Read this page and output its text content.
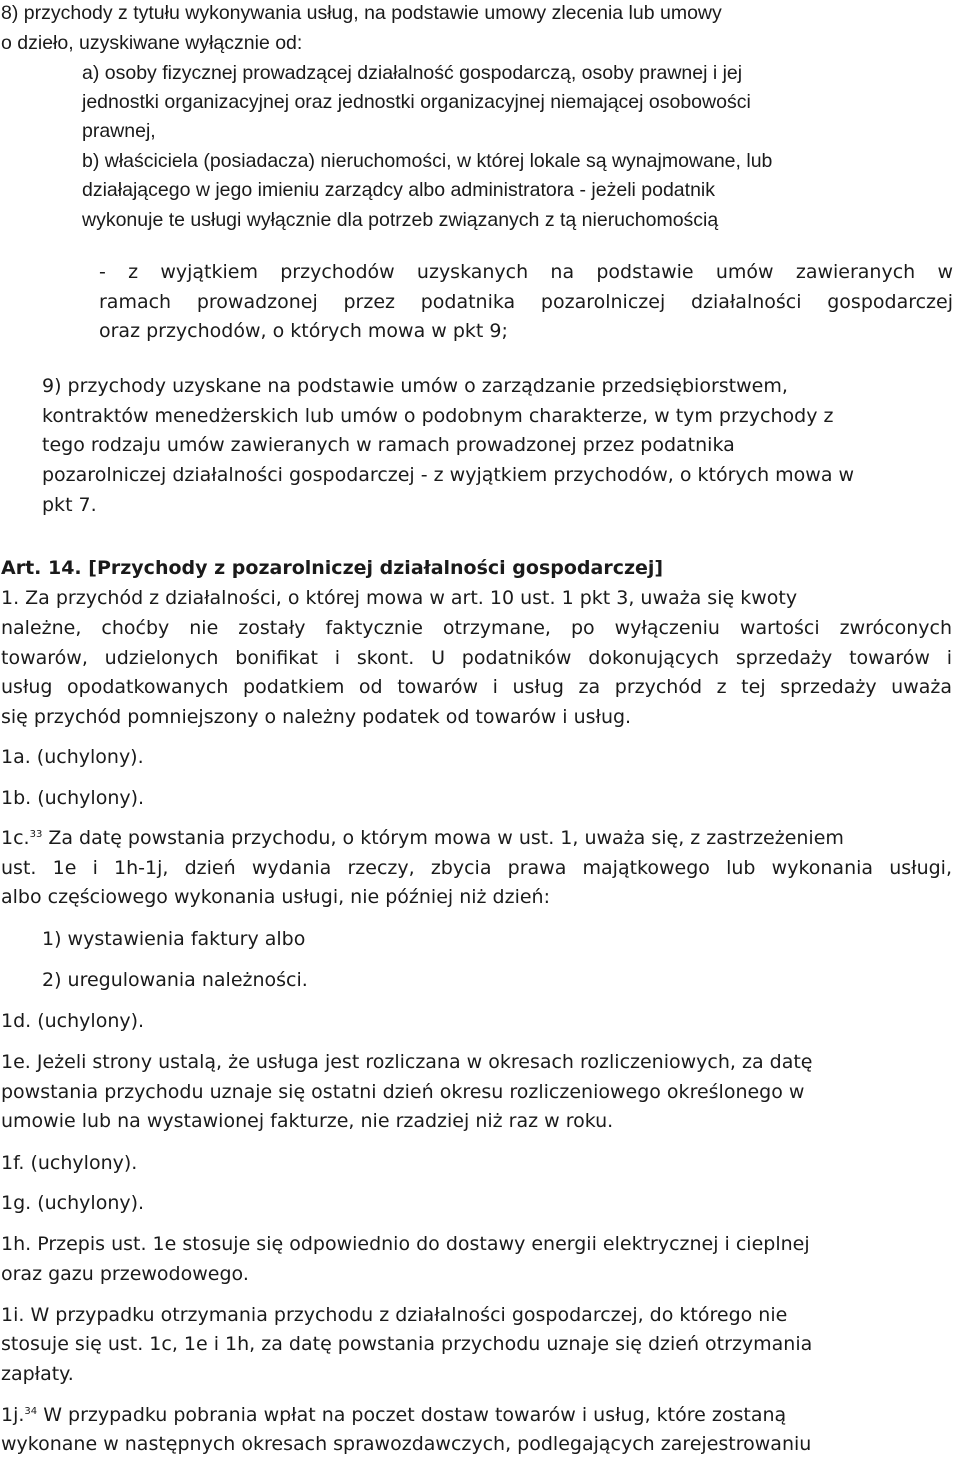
8) przychody z tytułu wykonywania usług, na podstawie umowy zlecenia lub umowy

o dzieło, uzyskiwane wyłącznie od:

a) osoby fizycznej prowadzącej działalność gospodarczą, osoby prawnej i jej

jednostki organizacyjnej oraz jednostki organizacyjnej niemającej osobowości

prawnej,

b) właściciela (posiadacza) nieruchomości, w której lokale są wynajmowane, lub

działającego w jego imieniu zarządcy albo administratora - jeżeli podatnik

wykonuje te usługi wyłącznie dla potrzeb związanych z tą nieruchomością

- z wyjątkiem przychodów uzyskanych na podstawie umów zawieranych w

ramach prowadzonej przez podatnika pozarolniczej działalności gospodarczej

oraz przychodów, o których mowa w pkt 9;

9) przychody uzyskane na podstawie umów o zarządzanie przedsiębiorstwem,

kontraktów menedżerskich lub umów o podobnym charakterze, w tym przychody z

tego rodzaju umów zawieranych w ramach prowadzonej przez podatnika

pozarolniczej działalności gospodarczej - z wyjątkiem przychodów, o których mowa w

pkt 7.

Art. 14. [Przychody z pozarolniczej działalności gospodarczej]

1. Za przychód z działalności, o której mowa w art. 10 ust. 1 pkt 3, uważa się kwoty

należne, choćby nie zostały faktycznie otrzymane, po wyłączeniu wartości zwróconych

towarów, udzielonych bonifikat i skont. U podatników dokonujących sprzedaży towarów i

usług opodatkowanych podatkiem od towarów i usług za przychód z tej sprzedaży uważa

się przychód pomniejszony o należny podatek od towarów i usług.

1a. (uchylony).

1b. (uchylony).

1c.$^{33}$ Za datę powstania przychodu, o którym mowa w ust. 1, uważa się, z zastrzeżeniem

ust. 1e i 1h-1j, dzień wydania rzeczy, zbycia prawa majątkowego lub wykonania usługi,

albo częściowego wykonania usługi, nie później niż dzień:

1) wystawienia faktury albo

2) uregulowania należności.

1d. (uchylony).

1e. Jeżeli strony ustalą, że usługa jest rozliczana w okresach rozliczeniowych, za datę

powstania przychodu uznaje się ostatni dzień okresu rozliczeniowego określonego w

umowie lub na wystawionej fakturze, nie rzadziej niż raz w roku.

1f. (uchylony).

1g. (uchylony).

1h. Przepis ust. 1e stosuje się odpowiednio do dostawy energii elektrycznej i cieplnej

oraz gazu przewodowego.

1i. W przypadku otrzymania przychodu z działalności gospodarczej, do którego nie

stosuje się ust. 1c, 1e i 1h, za datę powstania przychodu uznaje się dzień otrzymania

zapłaty.

1j.$^{34}$ W przypadku pobrania wpłat na poczet dostaw towarów i usług, które zostaną

wykonane w następnych okresach sprawozdawczych, podlegających zarejestrowaniu
